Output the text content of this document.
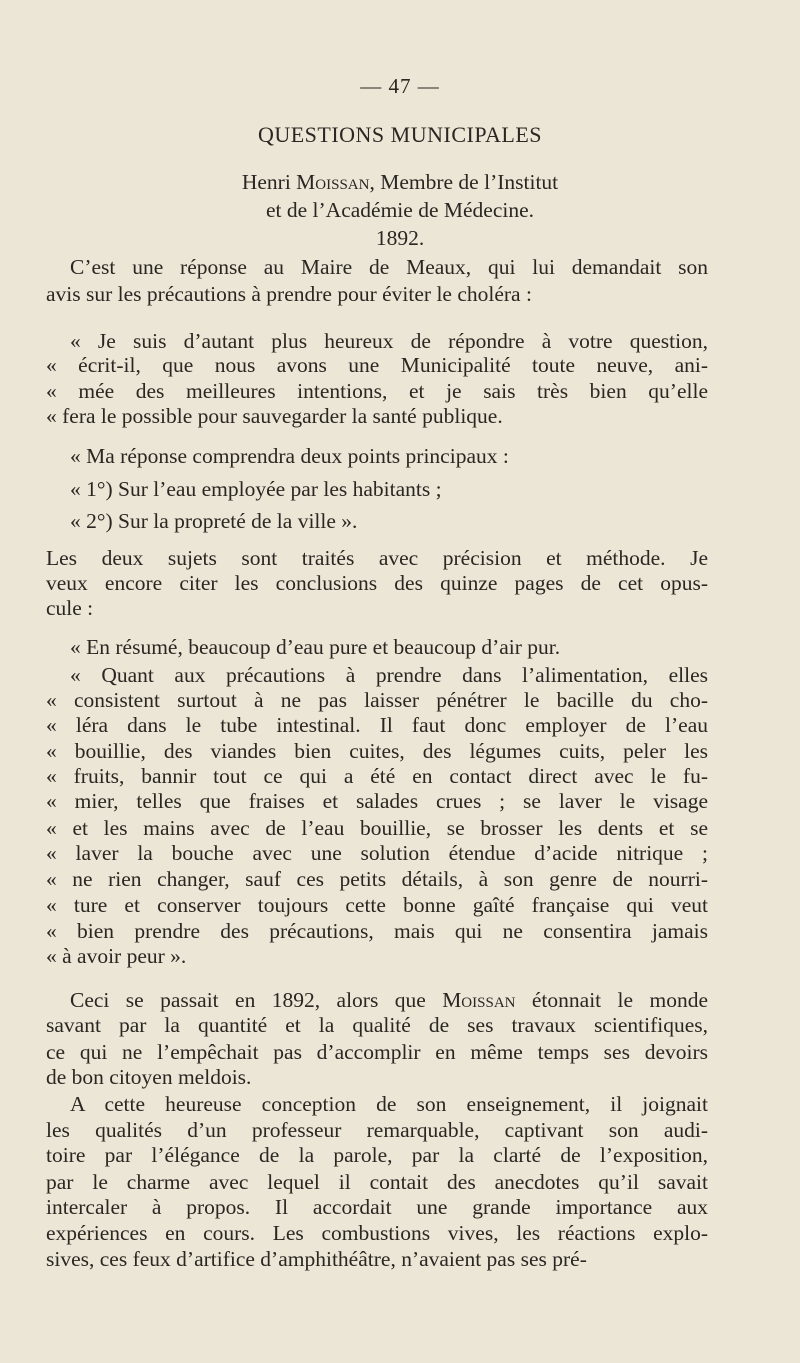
— 47 —
QUESTIONS MUNICIPALES
Henri Moissan, Membre de l’Institut
et de l’Académie de Médecine.
1892.
C’est une réponse au Maire de Meaux, qui lui demandait son
avis sur les précautions à prendre pour éviter le choléra :
« Je suis d’autant plus heureux de répondre à votre question,
« écrit-il, que nous avons une Municipalité toute neuve, ani-
« mée des meilleures intentions, et je sais très bien qu’elle
« fera le possible pour sauvegarder la santé publique.
« Ma réponse comprendra deux points principaux :
« 1°) Sur l’eau employée par les habitants ;
« 2°) Sur la propreté de la ville ».
Les deux sujets sont traités avec précision et méthode. Je
veux encore citer les conclusions des quinze pages de cet opus-
cule :
« En résumé, beaucoup d’eau pure et beaucoup d’air pur.
« Quant aux précautions à prendre dans l’alimentation, elles
« consistent surtout à ne pas laisser pénétrer le bacille du cho-
« léra dans le tube intestinal. Il faut donc employer de l’eau
« bouillie, des viandes bien cuites, des légumes cuits, peler les
« fruits, bannir tout ce qui a été en contact direct avec le fu-
« mier, telles que fraises et salades crues ; se laver le visage
« et les mains avec de l’eau bouillie, se brosser les dents et se
« laver la bouche avec une solution étendue d’acide nitrique ;
« ne rien changer, sauf ces petits détails, à son genre de nourri-
« ture et conserver toujours cette bonne gaîté française qui veut
« bien prendre des précautions, mais qui ne consentira jamais
« à avoir peur ».
Ceci se passait en 1892, alors que Moissan étonnait le monde
savant par la quantité et la qualité de ses travaux scientifiques,
ce qui ne l’empêchait pas d’accomplir en même temps ses devoirs
de bon citoyen meldois.
A cette heureuse conception de son enseignement, il joignait
les qualités d’un professeur remarquable, captivant son audi-
toire par l’élégance de la parole, par la clarté de l’exposition,
par le charme avec lequel il contait des anecdotes qu’il savait
intercaler à propos. Il accordait une grande importance aux
expériences en cours. Les combustions vives, les réactions explo-
sives, ces feux d’artifice d’amphithéâtre, n’avaient pas ses pré-
